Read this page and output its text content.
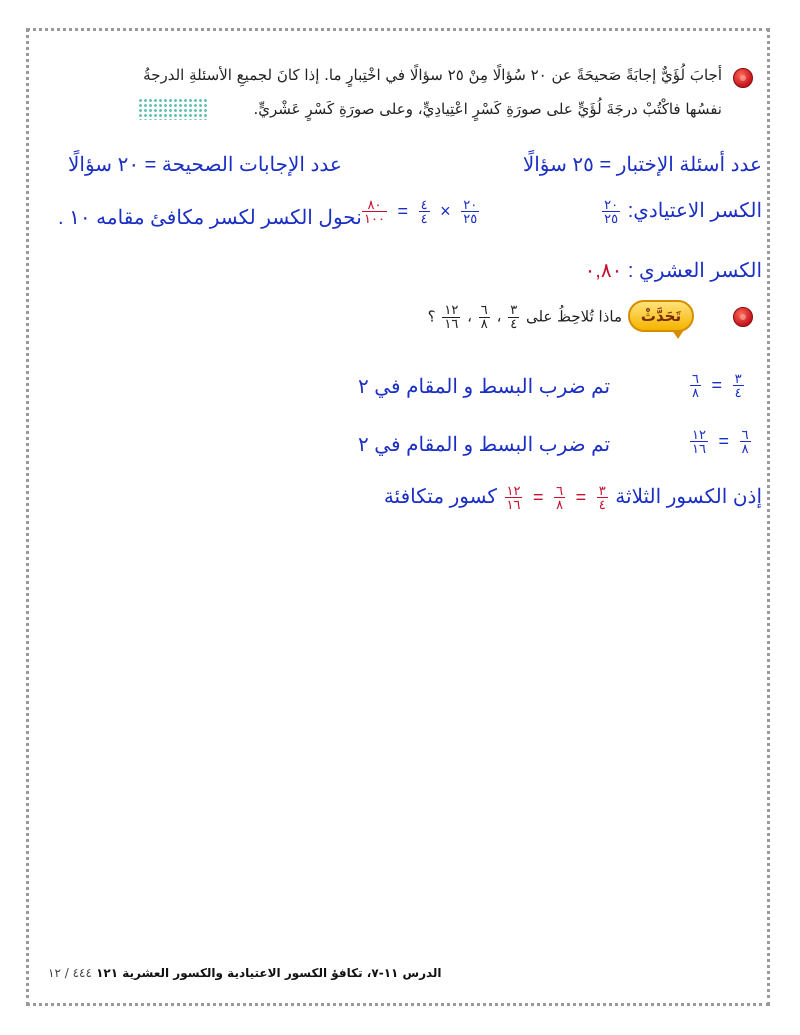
أجابَ لُؤَيٌّ إجابَةً صَحيحَةً عن ٢٠ سُؤالًا مِنْ ٢٥ سؤالًا في اخْتِبارٍ ما. إذا كانَ لجميعِ الأسئلةِ الدرجةُ
نفسُها فاكْتُبْ درجَةَ لُؤَيٍّ على صورَةِ كَسْرٍ اعْتِيادِيٍّ، وعلى صورَةِ كَسْرٍ عَشْريٍّ.
عدد أسئلة الإختبار = ٢٥ سؤالًا
عدد الإجابات الصحيحة = ٢٠ سؤالًا
الكسر الاعتيادي:
$\frac{٢٠}{٢٥}$
$\frac{٨٠}{١٠٠} = \frac{٤}{٤} \times \frac{٢٠}{٢٥}$
نحول الكسر لكسر مكافئ مقامه ١٠ .
الكسر العشري : ٠,٨٠
تَحَدَّثْ
ماذا تُلاحِظُ على
$\frac{٣}{٤}$
،
$\frac{٦}{٨}$
،
$\frac{١٢}{١٦}$
؟
$\frac{٦}{٨} = \frac{٣}{٤}$
تم ضرب البسط و المقام في ٢
$\frac{١٢}{١٦} = \frac{٦}{٨}$
تم ضرب البسط و المقام في ٢
إذن الكسور الثلاثة
$\frac{١٢}{١٦} = \frac{٦}{٨} = \frac{٣}{٤}$
كسور متكافئة
الدرس ١١-٧، تكافؤ الكسور الاعتيادية والكسور العشرية ١٢١ ٤٤٤ / ١٢
